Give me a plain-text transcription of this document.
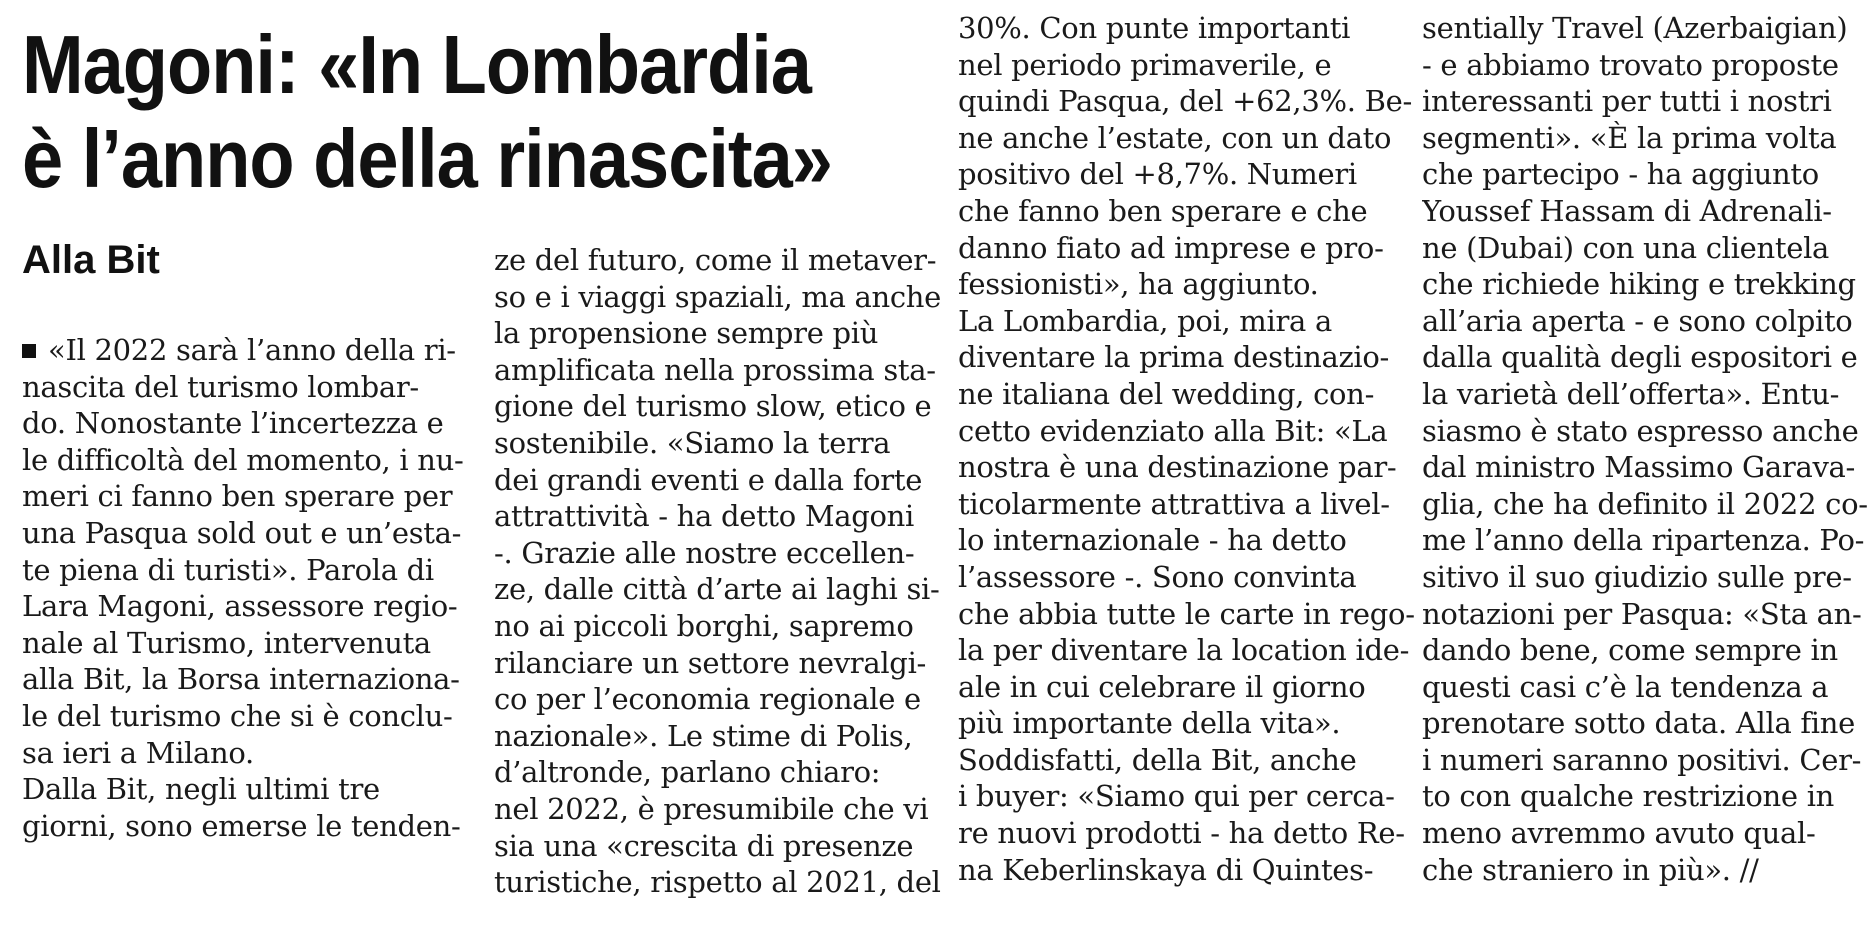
Magoni: «In Lombardia
è l’anno della rinascita»
Alla Bit
«Il 2022 sarà l’anno della ri-
nascita del turismo lombar-
do. Nonostante l’incertezza e
le difficoltà del momento, i nu-
meri ci fanno ben sperare per
una Pasqua sold out e un’esta-
te piena di turisti». Parola di
Lara Magoni, assessore regio-
nale al Turismo, intervenuta
alla Bit, la Borsa internaziona-
le del turismo che si è conclu-
sa ieri a Milano.
Dalla Bit, negli ultimi tre
giorni, sono emerse le tenden-
ze del futuro, come il metaver-
so e i viaggi spaziali, ma anche
la propensione sempre più
amplificata nella prossima sta-
gione del turismo slow, etico e
sostenibile. «Siamo la terra
dei grandi eventi e dalla forte
attrattività - ha detto Magoni
-. Grazie alle nostre eccellen-
ze, dalle città d’arte ai laghi si-
no ai piccoli borghi, sapremo
rilanciare un settore nevralgi-
co per l’economia regionale e
nazionale». Le stime di Polis,
d’altronde, parlano chiaro:
nel 2022, è presumibile che vi
sia una «crescita di presenze
turistiche, rispetto al 2021, del
30%. Con punte importanti
nel periodo primaverile, e
quindi Pasqua, del +62,3%. Be-
ne anche l’estate, con un dato
positivo del +8,7%. Numeri
che fanno ben sperare e che
danno fiato ad imprese e pro-
fessionisti», ha aggiunto.
La Lombardia, poi, mira a
diventare la prima destinazio-
ne italiana del wedding, con-
cetto evidenziato alla Bit: «La
nostra è una destinazione par-
ticolarmente attrattiva a livel-
lo internazionale - ha detto
l’assessore -. Sono convinta
che abbia tutte le carte in rego-
la per diventare la location ide-
ale in cui celebrare il giorno
più importante della vita».
Soddisfatti, della Bit, anche
i buyer: «Siamo qui per cerca-
re nuovi prodotti - ha detto Re-
na Keberlinskaya di Quintes-
sentially Travel (Azerbaigian)
- e abbiamo trovato proposte
interessanti per tutti i nostri
segmenti». «È la prima volta
che partecipo - ha aggiunto
Youssef Hassam di Adrenali-
ne (Dubai) con una clientela
che richiede hiking e trekking
all’aria aperta - e sono colpito
dalla qualità degli espositori e
la varietà dell’offerta». Entu-
siasmo è stato espresso anche
dal ministro Massimo Garava-
glia, che ha definito il 2022 co-
me l’anno della ripartenza. Po-
sitivo il suo giudizio sulle pre-
notazioni per Pasqua: «Sta an-
dando bene, come sempre in
questi casi c’è la tendenza a
prenotare sotto data. Alla fine
i numeri saranno positivi. Cer-
to con qualche restrizione in
meno avremmo avuto qual-
che straniero in più». //
